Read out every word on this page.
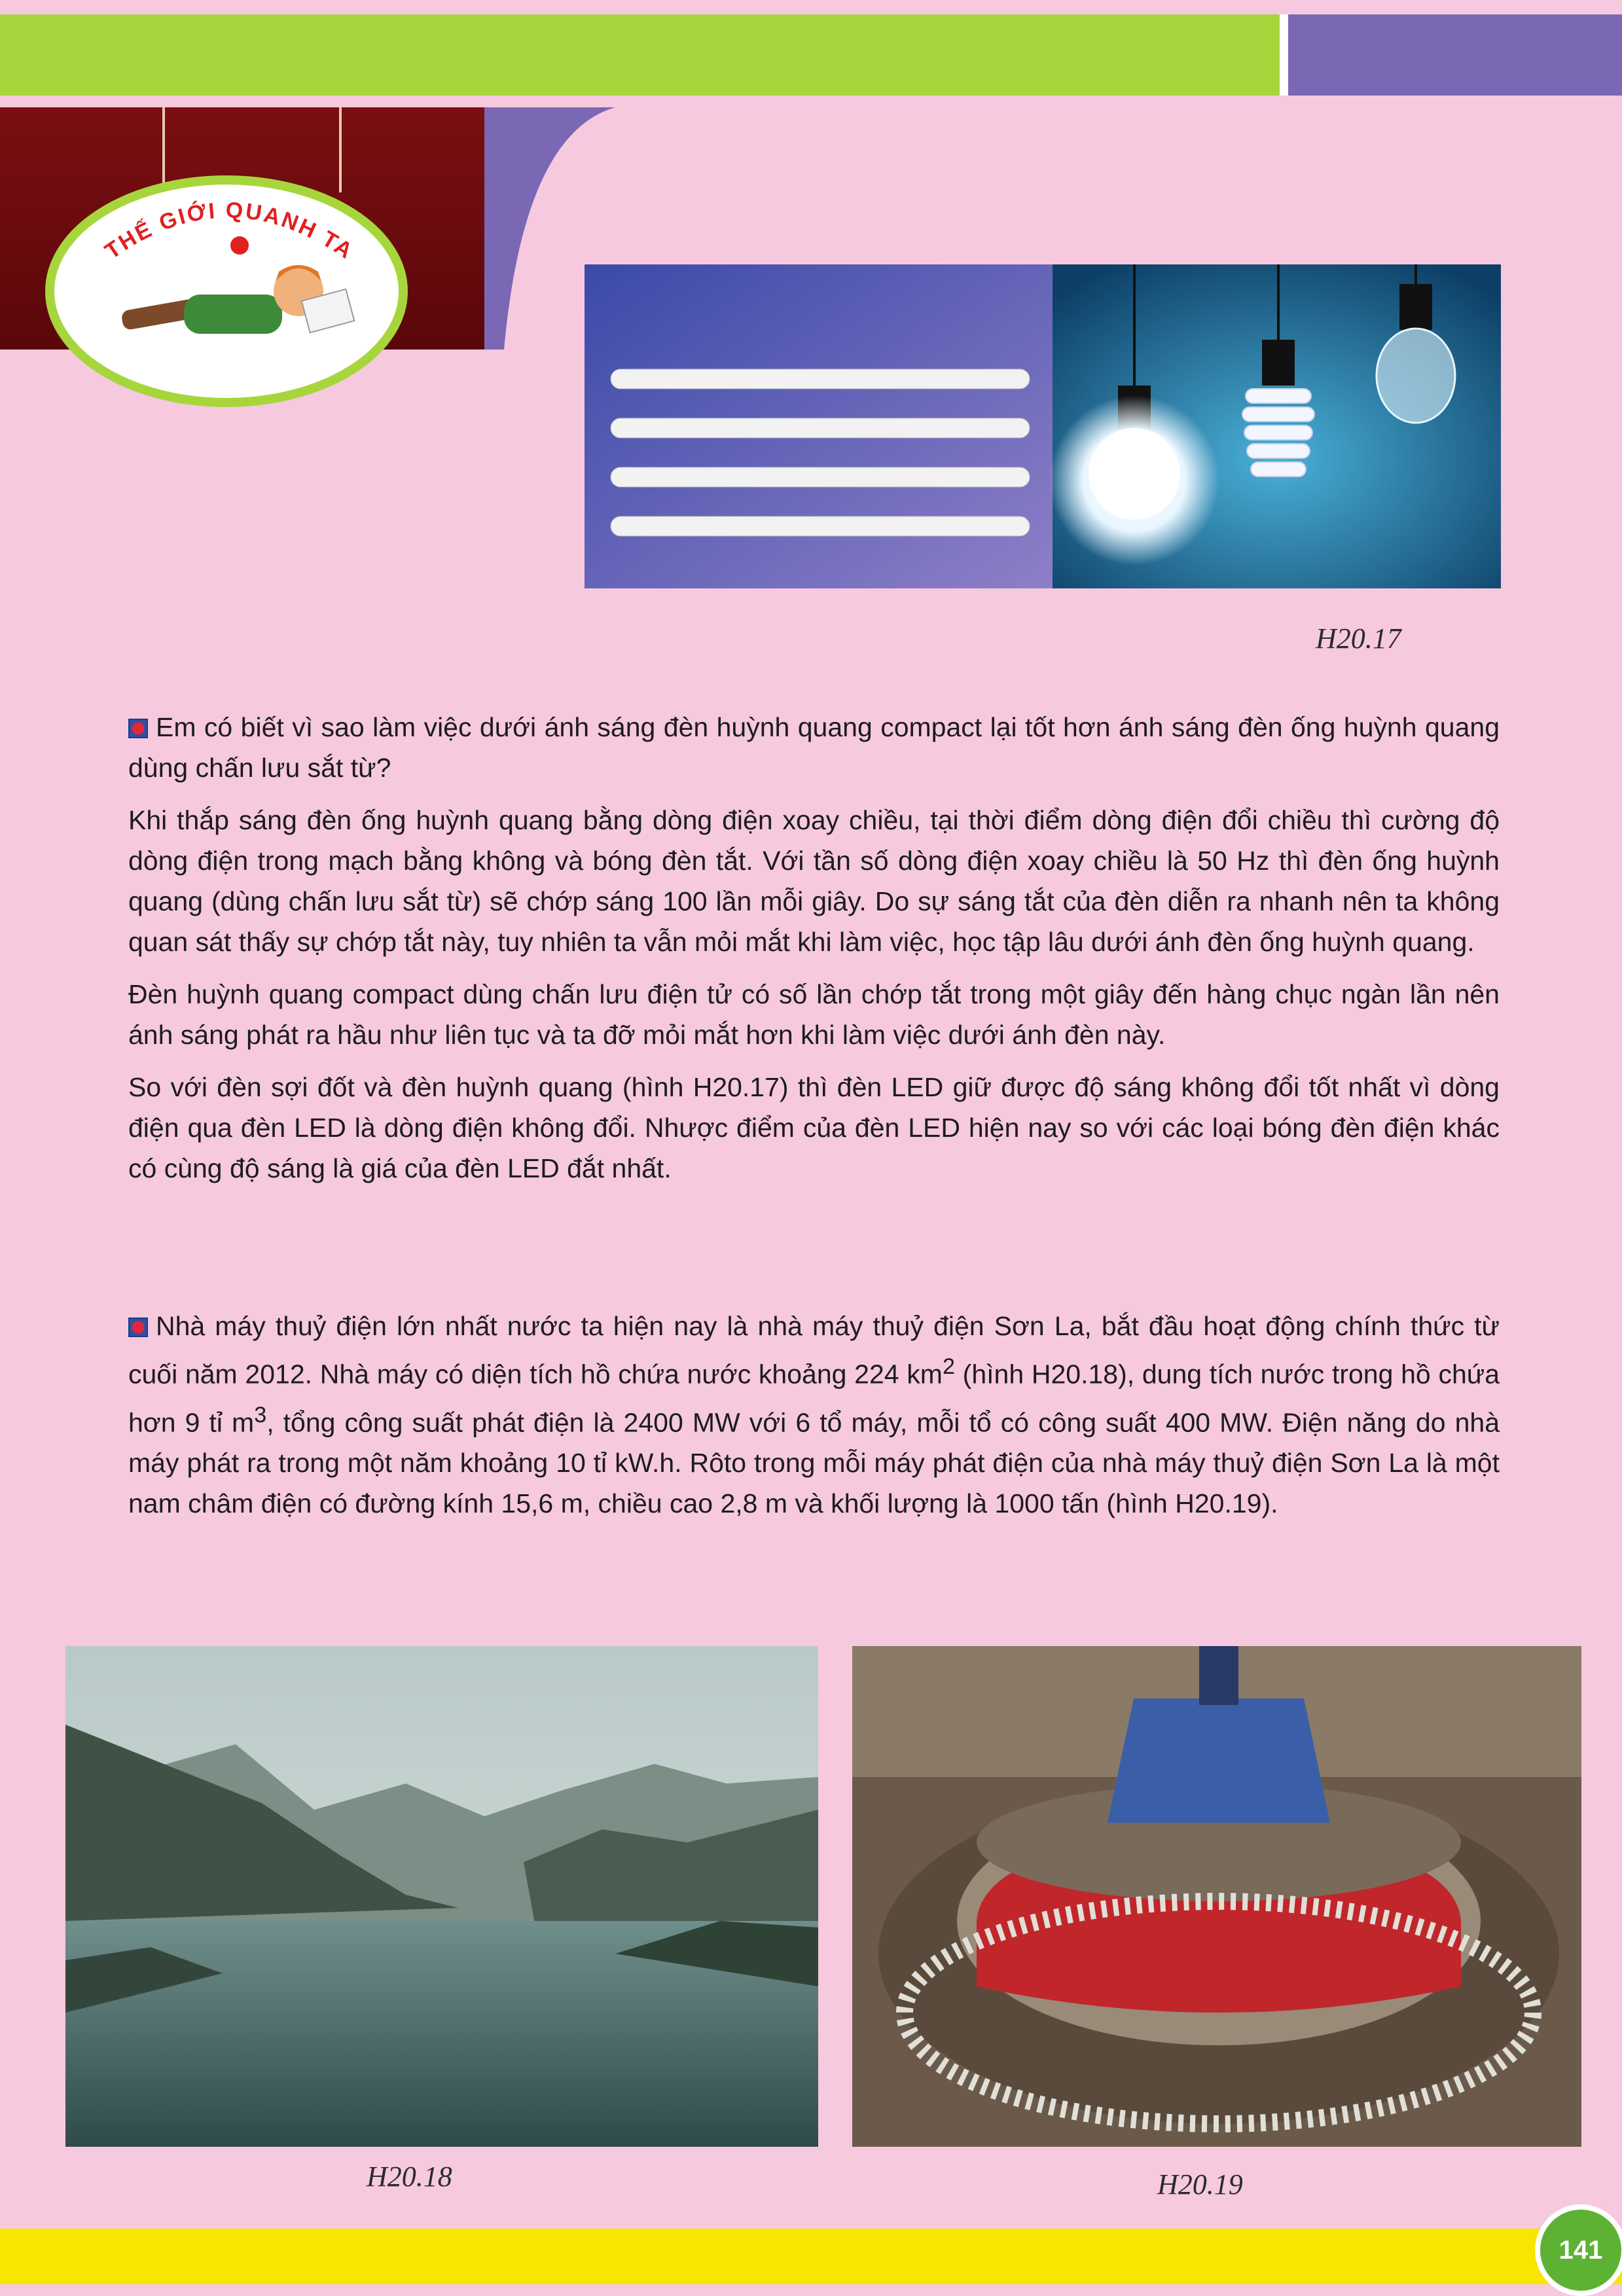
THẾ GIỚI QUANH TA
H20.17

Em có biết vì sao làm việc dưới ánh sáng đèn huỳnh quang compact lại tốt hơn ánh sáng đèn ống huỳnh quang dùng chấn lưu sắt từ?

Khi thắp sáng đèn ống huỳnh quang bằng dòng điện xoay chiều, tại thời điểm dòng điện đổi chiều thì cường độ dòng điện trong mạch bằng không và bóng đèn tắt. Với tần số dòng điện xoay chiều là 50 Hz thì đèn ống huỳnh quang (dùng chấn lưu sắt từ) sẽ chớp sáng 100 lần mỗi giây. Do sự sáng tắt của đèn diễn ra nhanh nên ta không quan sát thấy sự chớp tắt này, tuy nhiên ta vẫn mỏi mắt khi làm việc, học tập lâu dưới ánh đèn ống huỳnh quang.

Đèn huỳnh quang compact dùng chấn lưu điện tử có số lần chớp tắt trong một giây đến hàng chục ngàn lần nên ánh sáng phát ra hầu như liên tục và ta đỡ mỏi mắt hơn khi làm việc dưới ánh đèn này.

So với đèn sợi đốt và đèn huỳnh quang (hình H20.17) thì đèn LED giữ được độ sáng không đổi tốt nhất vì dòng điện qua đèn LED là dòng điện không đổi. Nhược điểm của đèn LED hiện nay so với các loại bóng đèn điện khác có cùng độ sáng là giá của đèn LED đắt nhất.

Nhà máy thuỷ điện lớn nhất nước ta hiện nay là nhà máy thuỷ điện Sơn La, bắt đầu hoạt động chính thức từ cuối năm 2012. Nhà máy có diện tích hồ chứa nước khoảng 224 $km^2$ (hình H20.18), dung tích nước trong hồ chứa hơn 9 tỉ $m^3$, tổng công suất phát điện là 2400 MW với 6 tổ máy, mỗi tổ có công suất 400 MW. Điện năng do nhà máy phát ra trong một năm khoảng 10 tỉ kW.h. Rôto trong mỗi máy phát điện của nhà máy thuỷ điện Sơn La là một nam châm điện có đường kính 15,6 m, chiều cao 2,8 m và khối lượng là 1000 tấn (hình H20.19).

H20.18	H20.19
141
